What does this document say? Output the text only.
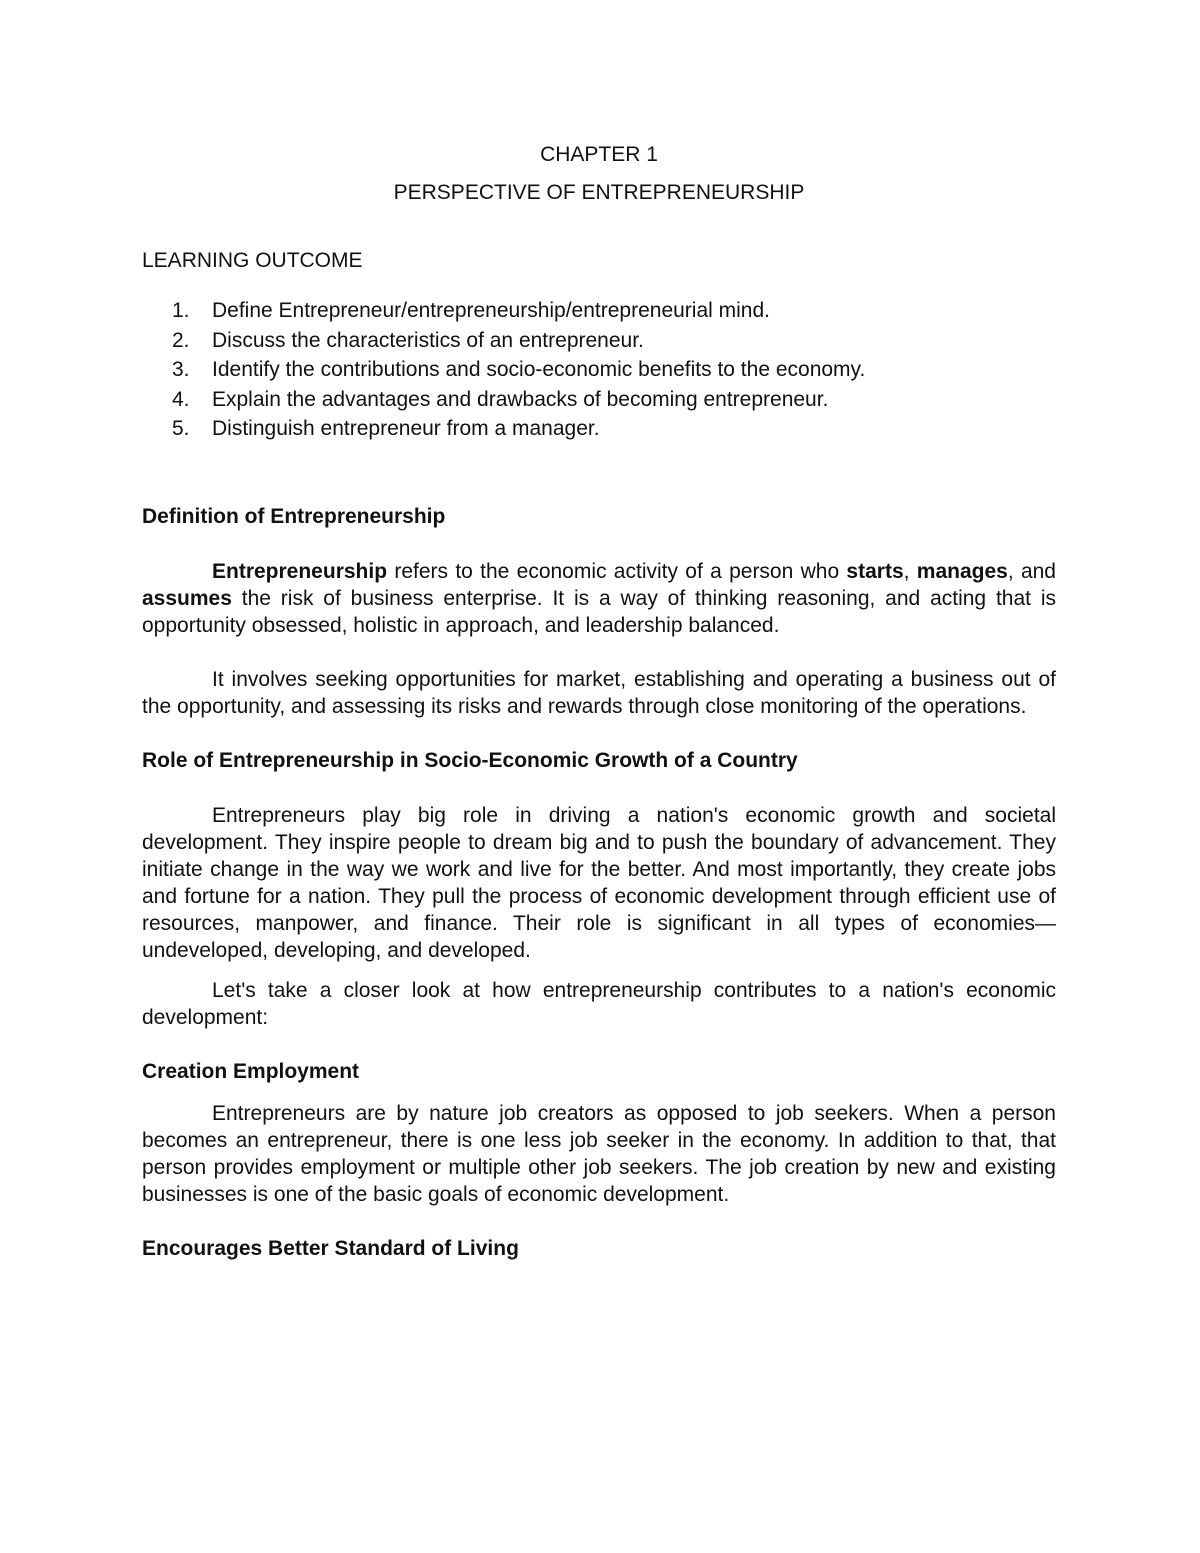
CHAPTER 1
PERSPECTIVE OF ENTREPRENEURSHIP
LEARNING OUTCOME
1.	Define Entrepreneur/entrepreneurship/entrepreneurial mind.
2.	Discuss the characteristics of an entrepreneur.
3.	Identify the contributions and socio-economic benefits to the economy.
4.	Explain the advantages and drawbacks of becoming entrepreneur.
5.	Distinguish entrepreneur from a manager.
Definition of Entrepreneurship

Entrepreneurship refers to the economic activity of a person who starts, manages, and assumes the risk of business enterprise. It is a way of thinking reasoning, and acting that is opportunity obsessed, holistic in approach, and leadership balanced.

It involves seeking opportunities for market, establishing and operating a business out of the opportunity, and assessing its risks and rewards through close monitoring of the operations.

Role of Entrepreneurship in Socio-Economic Growth of a Country

Entrepreneurs play big role in driving a nation's economic growth and societal development. They inspire people to dream big and to push the boundary of advancement. They initiate change in the way we work and live for the better. And most importantly, they create jobs and fortune for a nation. They pull the process of economic development through efficient use of resources, manpower, and finance. Their role is significant in all types of economies—undeveloped, developing, and developed.

Let's take a closer look at how entrepreneurship contributes to a nation's economic development:

Creation Employment

Entrepreneurs are by nature job creators as opposed to job seekers. When a person becomes an entrepreneur, there is one less job seeker in the economy. In addition to that, that person provides employment or multiple other job seekers. The job creation by new and existing businesses is one of the basic goals of economic development.

Encourages Better Standard of Living
